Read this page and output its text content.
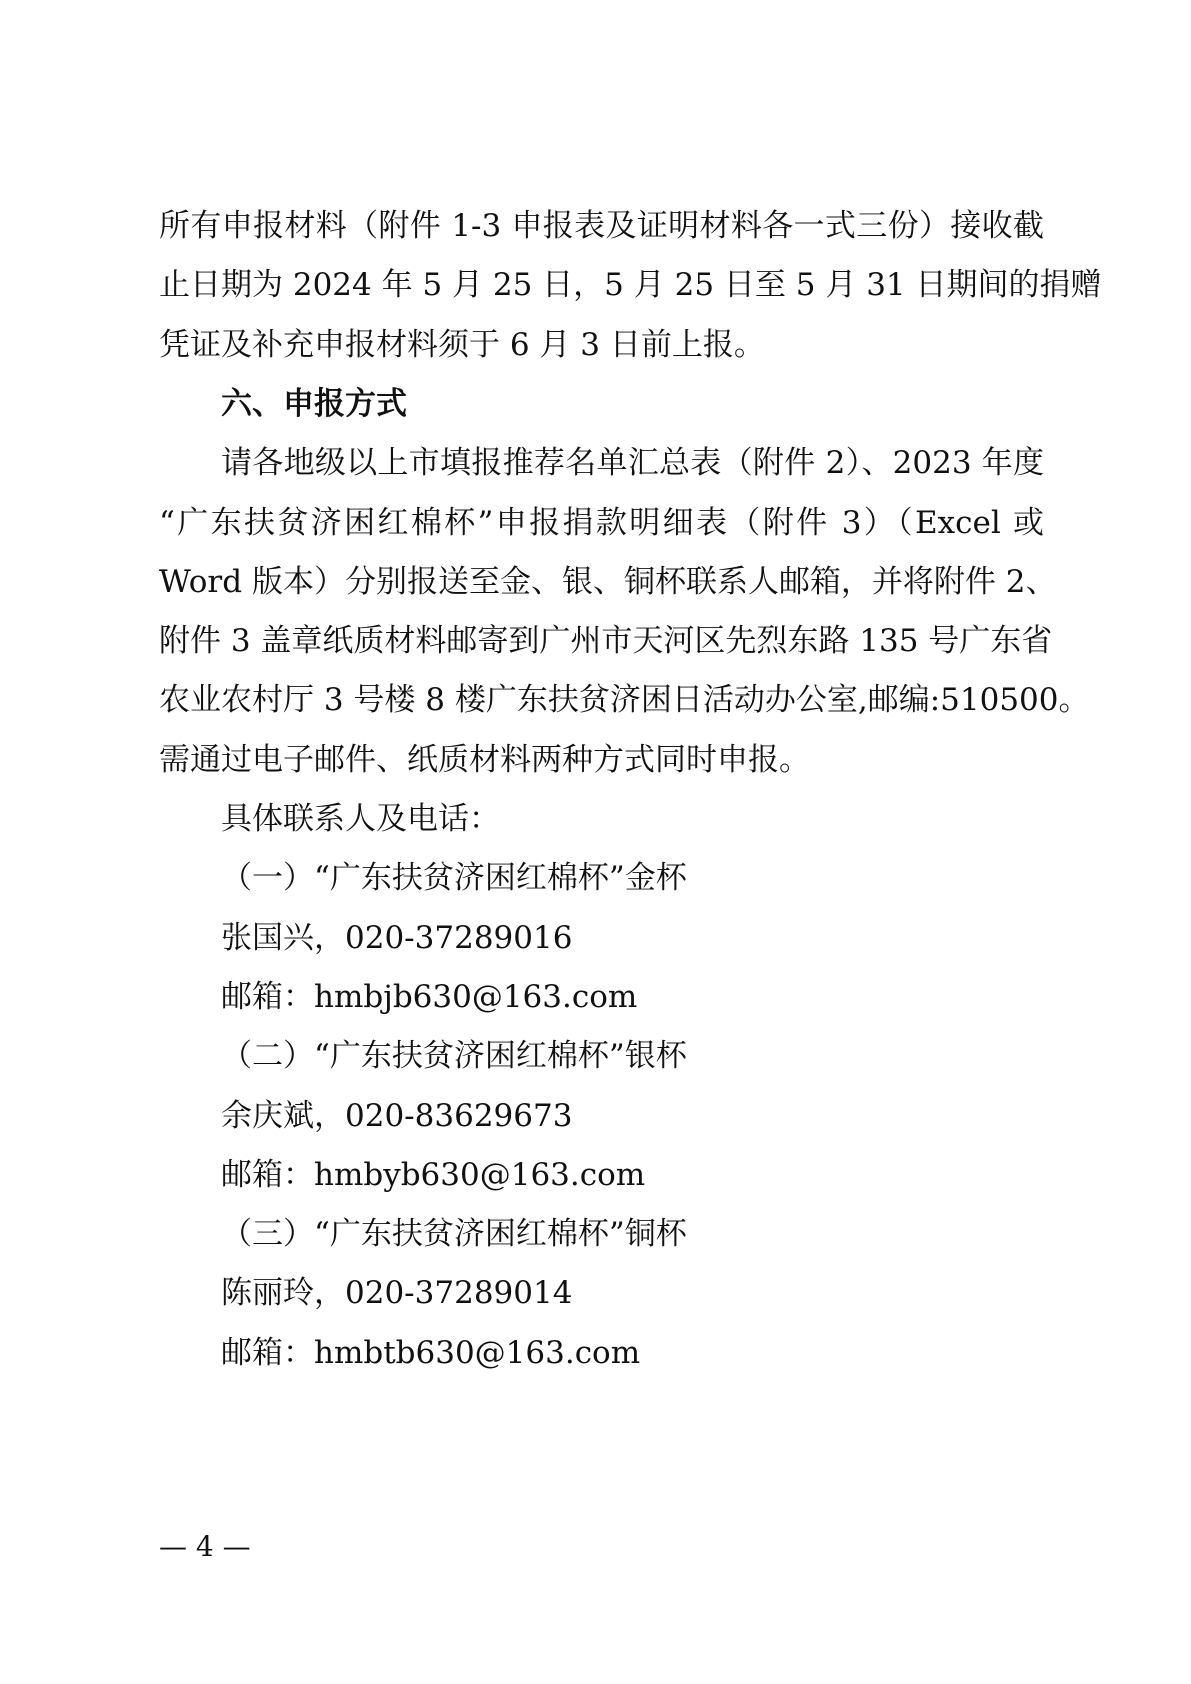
所有申报材料（附件 1-3 申报表及证明材料各一式三份）接收截
止日期为 2024 年 5 月 25 日，5 月 25 日至 5 月 31 日期间的捐赠
凭证及补充申报材料须于 6 月 3 日前上报。
六、申报方式
请各地级以上市填报推荐名单汇总表（附件 2）、2023 年度
“广东扶贫济困红棉杯”申报捐款明细表（附件 3）（Excel 或
Word 版本）分别报送至金、银、铜杯联系人邮箱，并将附件 2、
附件 3 盖章纸质材料邮寄到广州市天河区先烈东路 135 号广东省
农业农村厅 3 号楼 8 楼广东扶贫济困日活动办公室,邮编:510500。
需通过电子邮件、纸质材料两种方式同时申报。
具体联系人及电话：
（一）“广东扶贫济困红棉杯”金杯
张国兴，020-37289016
邮箱：hmbjb630@163.com
（二）“广东扶贫济困红棉杯”银杯
余庆斌，020-83629673
邮箱：hmbyb630@163.com
（三）“广东扶贫济困红棉杯”铜杯
陈丽玲，020-37289014
邮箱：hmbtb630@163.com
— 4 —
